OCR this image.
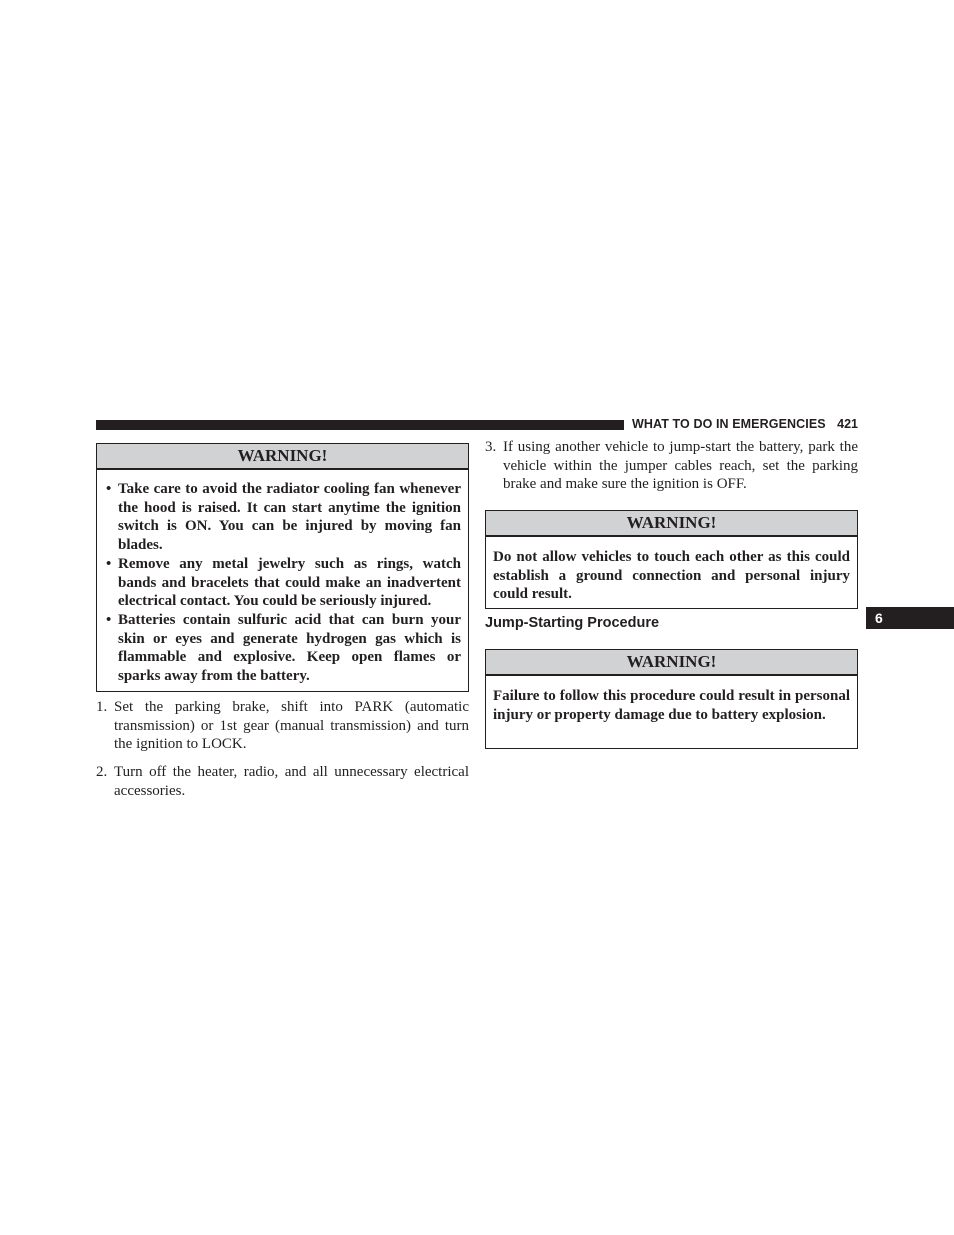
WHAT TO DO IN EMERGENCIES 421
6
WARNING!
• Take care to avoid the radiator cooling fan whenever the hood is raised. It can start anytime the ignition switch is ON. You can be injured by moving fan blades.
• Remove any metal jewelry such as rings, watch bands and bracelets that could make an inadvertent electrical contact. You could be seriously injured.
• Batteries contain sulfuric acid that can burn your skin or eyes and generate hydrogen gas which is flammable and explosive. Keep open flames or sparks away from the battery.
1. Set the parking brake, shift into PARK (automatic transmission) or 1st gear (manual transmission) and turn the ignition to LOCK.
2. Turn off the heater, radio, and all unnecessary electrical accessories.
3. If using another vehicle to jump-start the battery, park the vehicle within the jumper cables reach, set the parking brake and make sure the ignition is OFF.
WARNING!
Do not allow vehicles to touch each other as this could establish a ground connection and personal injury could result.
Jump-Starting Procedure
WARNING!
Failure to follow this procedure could result in personal injury or property damage due to battery explosion.
